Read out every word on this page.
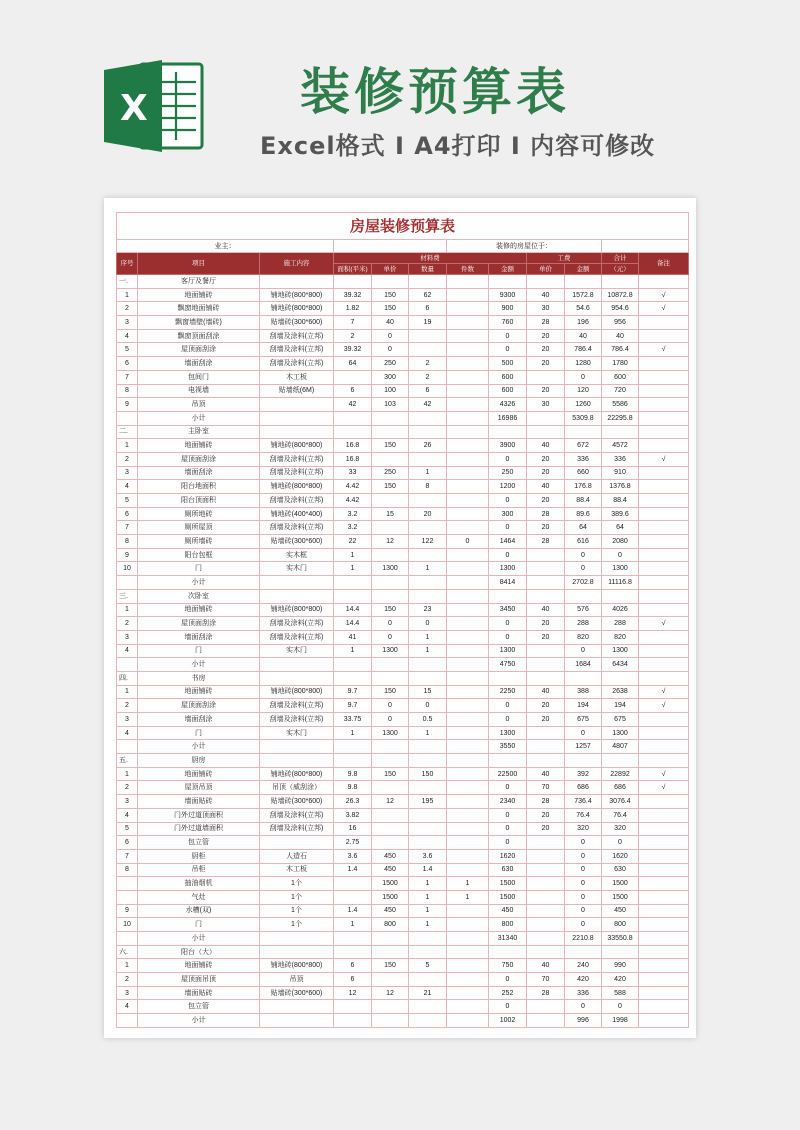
X	装修预算表
Excel格式 I A4打印 I 内容可修改
房屋装修预算表											
业主：						装修的房屋位于：					
序号	项目	施工内容	材料费					工费		合计	备注
			面积(平米)	单价	数量	件数	金额	单价	金额	（元）	
一.	客厅及餐厅										
1	地面铺砖	铺地砖(800*800)	39.32	150	62		9300	40	1572.8	10872.8	√
2	飘窗地面铺砖	铺地砖(800*800)	1.82	150	6		900	30	54.6	954.6	√
3	飘窗墙壁(墙砖)	贴墙砖(300*600)	7	40	19		760	28	196	956	
4	飘窗顶面刮涂	刮墙及涂料(立邦)	2	0			0	20	40	40	
5	屋顶面刮涂	刮墙及涂料(立邦)	39.32	0			0	20	786.4	786.4	√
6	墙面刮涂	刮墙及涂料(立邦)	64	250	2		500	20	1280	1780	
7	包间门	木工板		300	2		600		0	600	
8	电视墙	贴墙纸(6M)	6	100	6		600	20	120	720	
9	吊顶		42	103	42		4326	30	1260	5586	
	小计						16986		5309.8	22295.8	
二.	主卧室										
1	地面铺砖	铺地砖(800*800)	16.8	150	26		3900	40	672	4572	
2	屋顶面刮涂	刮墙及涂料(立邦)	16.8				0	20	336	336	√
3	墙面刮涂	刮墙及涂料(立邦)	33	250	1		250	20	660	910	
4	阳台地面积	铺地砖(800*800)	4.42	150	8		1200	40	176.8	1376.8	
5	阳台顶面积	刮墙及涂料(立邦)	4.42				0	20	88.4	88.4	
6	厕所地砖	铺地砖(400*400)	3.2	15	20		300	28	89.6	389.6	
7	厕所屋顶	刮墙及涂料(立邦)	3.2				0	20	64	64	
8	厕所墙砖	贴墙砖(300*600)	22	12	122	0	1464	28	616	2080	
9	阳台包框	实木框	1				0		0	0	
10	门	实木门	1	1300	1		1300		0	1300	
	小计						8414		2702.8	11116.8	
三.	次卧室										
1	地面铺砖	铺地砖(800*800)	14.4	150	23		3450	40	576	4026	
2	屋顶面刮涂	刮墙及涂料(立邦)	14.4	0	0		0	20	288	288	√
3	墙面刮涂	刮墙及涂料(立邦)	41	0	1		0	20	820	820	
4	门	实木门	1	1300	1		1300		0	1300	
	小计						4750		1684	6434	
四.	书房										
1	地面铺砖	铺地砖(800*800)	9.7	150	15		2250	40	388	2638	√
2	屋顶面刮涂	刮墙及涂料(立邦)	9.7	0	0		0	20	194	194	√
3	墙面刮涂	刮墙及涂料(立邦)	33.75	0	0.5		0	20	675	675	
4	门	实木门	1	1300	1		1300		0	1300	
	小计						3550		1257	4807	
五.	厨房										
1	地面铺砖	铺地砖(800*800)	9.8	150	150		22500	40	392	22892	√
2	屋顶吊顶	吊顶（威刮涂）	9.8				0	70	686	686	√
3	墙面贴砖	贴墙砖(300*600)	26.3	12	195		2340	28	736.4	3076.4	
4	门外过道顶面积	刮墙及涂料(立邦)	3.82				0	20	76.4	76.4	
5	门外过道墙面积	刮墙及涂料(立邦)	16				0	20	320	320	
6	包立管		2.75				0		0	0	
7	厨柜	人造石	3.6	450	3.6		1620		0	1620	
8	吊柜	木工板	1.4	450	1.4		630		0	630	
	抽油烟机	1个		1500	1	1	1500		0	1500	
	气灶	1个		1500	1	1	1500		0	1500	
9	水槽(双)	1个	1.4	450	1		450		0	450	
10	门	1个	1	800	1		800		0	800	
	小计						31340		2210.8	33550.8	
六.	阳台（大）										
1	地面铺砖	铺地砖(800*800)	6	150	5		750	40	240	990	
2	屋顶面吊顶	吊顶	6				0	70	420	420	
3	墙面贴砖	贴墙砖(300*600)	12	12	21		252	28	336	588	
4	包立管						0		0	0	
	小计						1002		996	1998	
